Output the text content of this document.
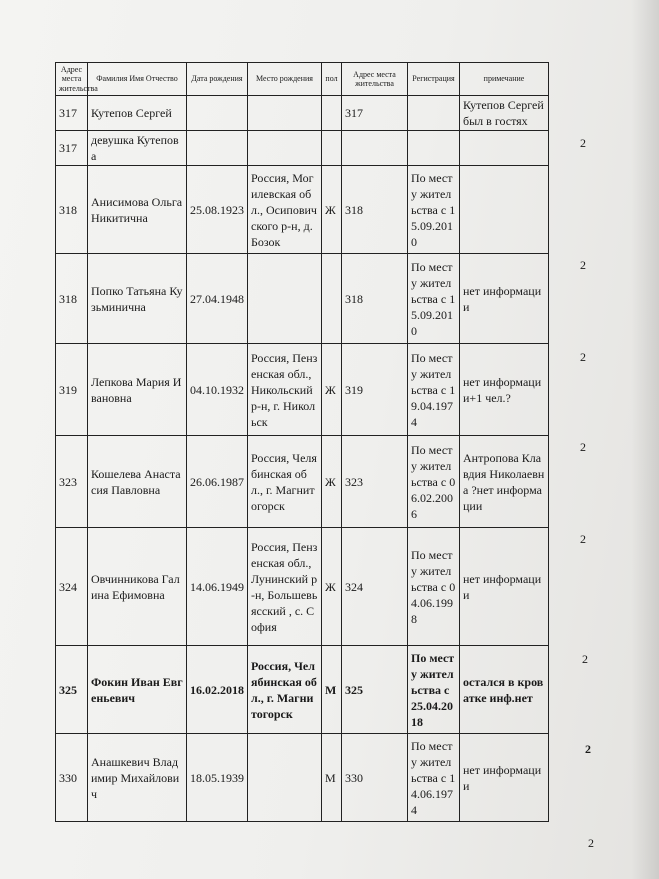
Адрес места жительства	Фамилия Имя Отчество	Дата рождения	Место рождения	пол	Адрес места жительства	Регистрация	примечание
317	Кутепов Сергей				317		Кутепов Сергей был в гостях
317	девушка Кутепова						
318	Анисимова Ольга Никитична	25.08.1923	Россия, Могилевская обл., Осиповичского р-н, д. Бозок	Ж	318	По месту жительства с 15.09.2010	
318	Попко Татьяна Кузьминична	27.04.1948			318	По месту жительства с 15.09.2010	нет информации
319	Лепкова Мария Ивановна	04.10.1932	Россия, Пензенская обл., Никольский р-н, г. Никольск	Ж	319	По месту жительства с 19.04.1974	нет информации+1 чел.?
323	Кошелева Анастасия Павловна	26.06.1987	Россия, Челябинская обл., г. Магнитогорск	Ж	323	По месту жительства с 06.02.2006	Антропова Клавдия Николаевна ?нет информации
324	Овчинникова Галина Ефимовна	14.06.1949	Россия, Пензенская обл., Лунинский р-н, Большевьясский , с. София	Ж	324	По месту жительства с 04.06.1998	нет информации
325	Фокин Иван Евгеньевич	16.02.2018	Россия, Челябинская обл., г. Магнитогорск	М	325	По месту жительства с 25.04.2018	остался в кроватке инф.нет
330	Анашкевич Владимир Михайлович	18.05.1939		М	330	По месту жительства с 14.06.1974	нет информации
2
2
2
2
2
2
2
2
